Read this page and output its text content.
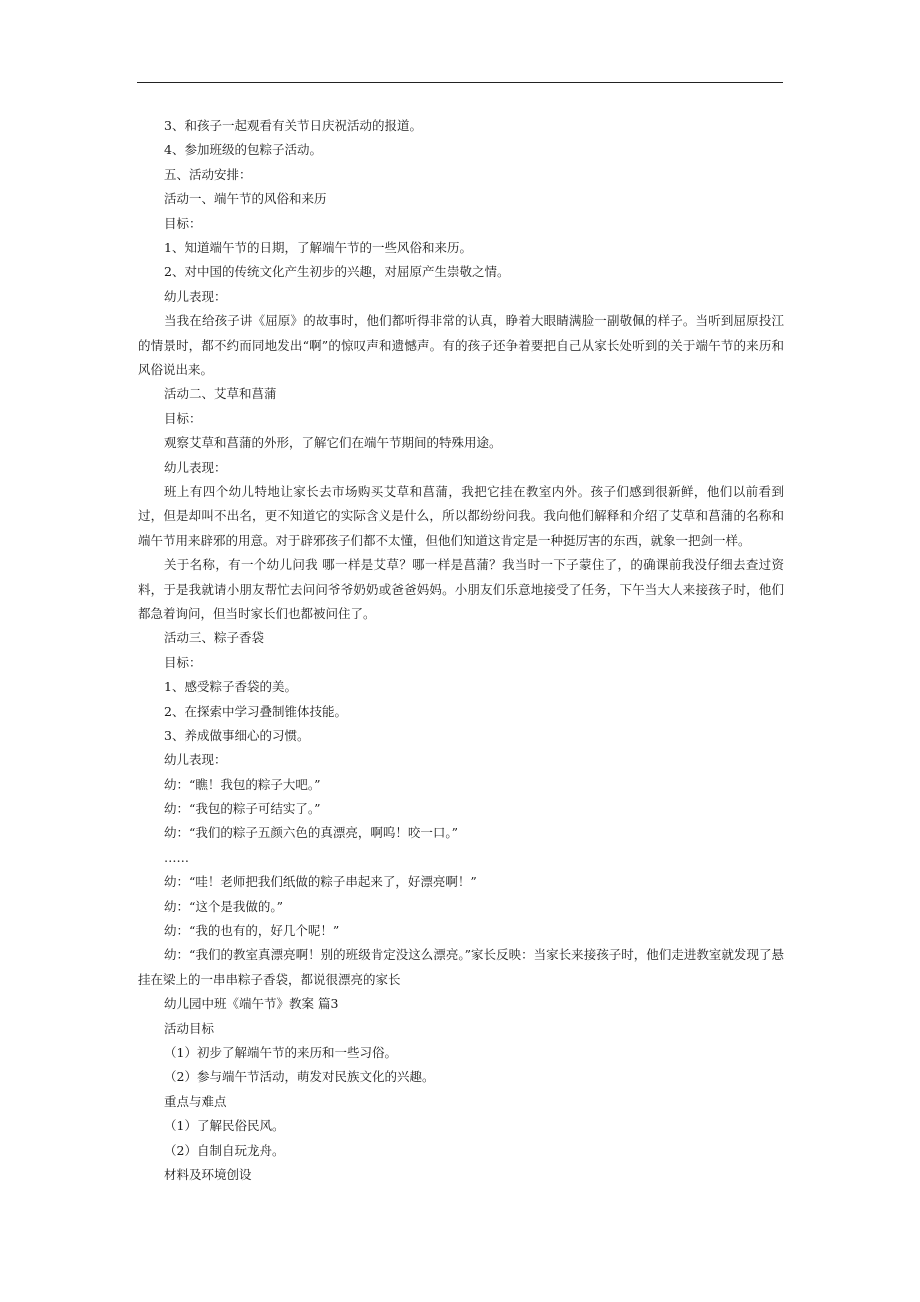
3、和孩子一起观看有关节日庆祝活动的报道。
4、参加班级的包粽子活动。
五、活动安排：
活动一、端午节的风俗和来历
目标：
1、知道端午节的日期，了解端午节的一些风俗和来历。
2、对中国的传统文化产生初步的兴趣，对屈原产生崇敬之情。
幼儿表现：

当我在给孩子讲《屈原》的故事时，他们都听得非常的认真，睁着大眼睛满脸一副敬佩的样子。当听到屈原投江的情景时，都不约而同地发出“啊”的惊叹声和遗憾声。有的孩子还争着要把自己从家长处听到的关于端午节的来历和风俗说出来。

活动二、艾草和菖蒲
目标：
观察艾草和菖蒲的外形，了解它们在端午节期间的特殊用途。
幼儿表现：

班上有四个幼儿特地让家长去市场购买艾草和菖蒲，我把它挂在教室内外。孩子们感到很新鲜，他们以前看到过，但是却叫不出名，更不知道它的实际含义是什么，所以都纷纷问我。我向他们解释和介绍了艾草和菖蒲的名称和端午节用来辟邪的用意。对于辟邪孩子们都不太懂，但他们知道这肯定是一种挺厉害的东西，就象一把剑一样。

关于名称，有一个幼儿问我 哪一样是艾草？哪一样是菖蒲？我当时一下子蒙住了，的确课前我没仔细去查过资料，于是我就请小朋友帮忙去问问爷爷奶奶或爸爸妈妈。小朋友们乐意地接受了任务，下午当大人来接孩子时，他们都急着询问，但当时家长们也都被问住了。

活动三、粽子香袋
目标：
1、感受粽子香袋的美。
2、在探索中学习叠制锥体技能。
3、养成做事细心的习惯。
幼儿表现：
幼：“瞧！我包的粽子大吧。”
幼：“我包的粽子可结实了。”
幼：“我们的粽子五颜六色的真漂亮，啊呜！咬一口。”
……
幼：“哇！老师把我们纸做的粽子串起来了，好漂亮啊！”
幼：“这个是我做的。”
幼：“我的也有的，好几个呢！”

幼：“我们的教室真漂亮啊！别的班级肯定没这么漂亮。”家长反映：当家长来接孩子时，他们走进教室就发现了悬挂在梁上的一串串粽子香袋，都说很漂亮的家长

幼儿园中班《端午节》教案 篇3
活动目标
（1）初步了解端午节的来历和一些习俗。
（2）参与端午节活动，萌发对民族文化的兴趣。
重点与难点
（1）了解民俗民风。
（2）自制自玩龙舟。
材料及环境创设
